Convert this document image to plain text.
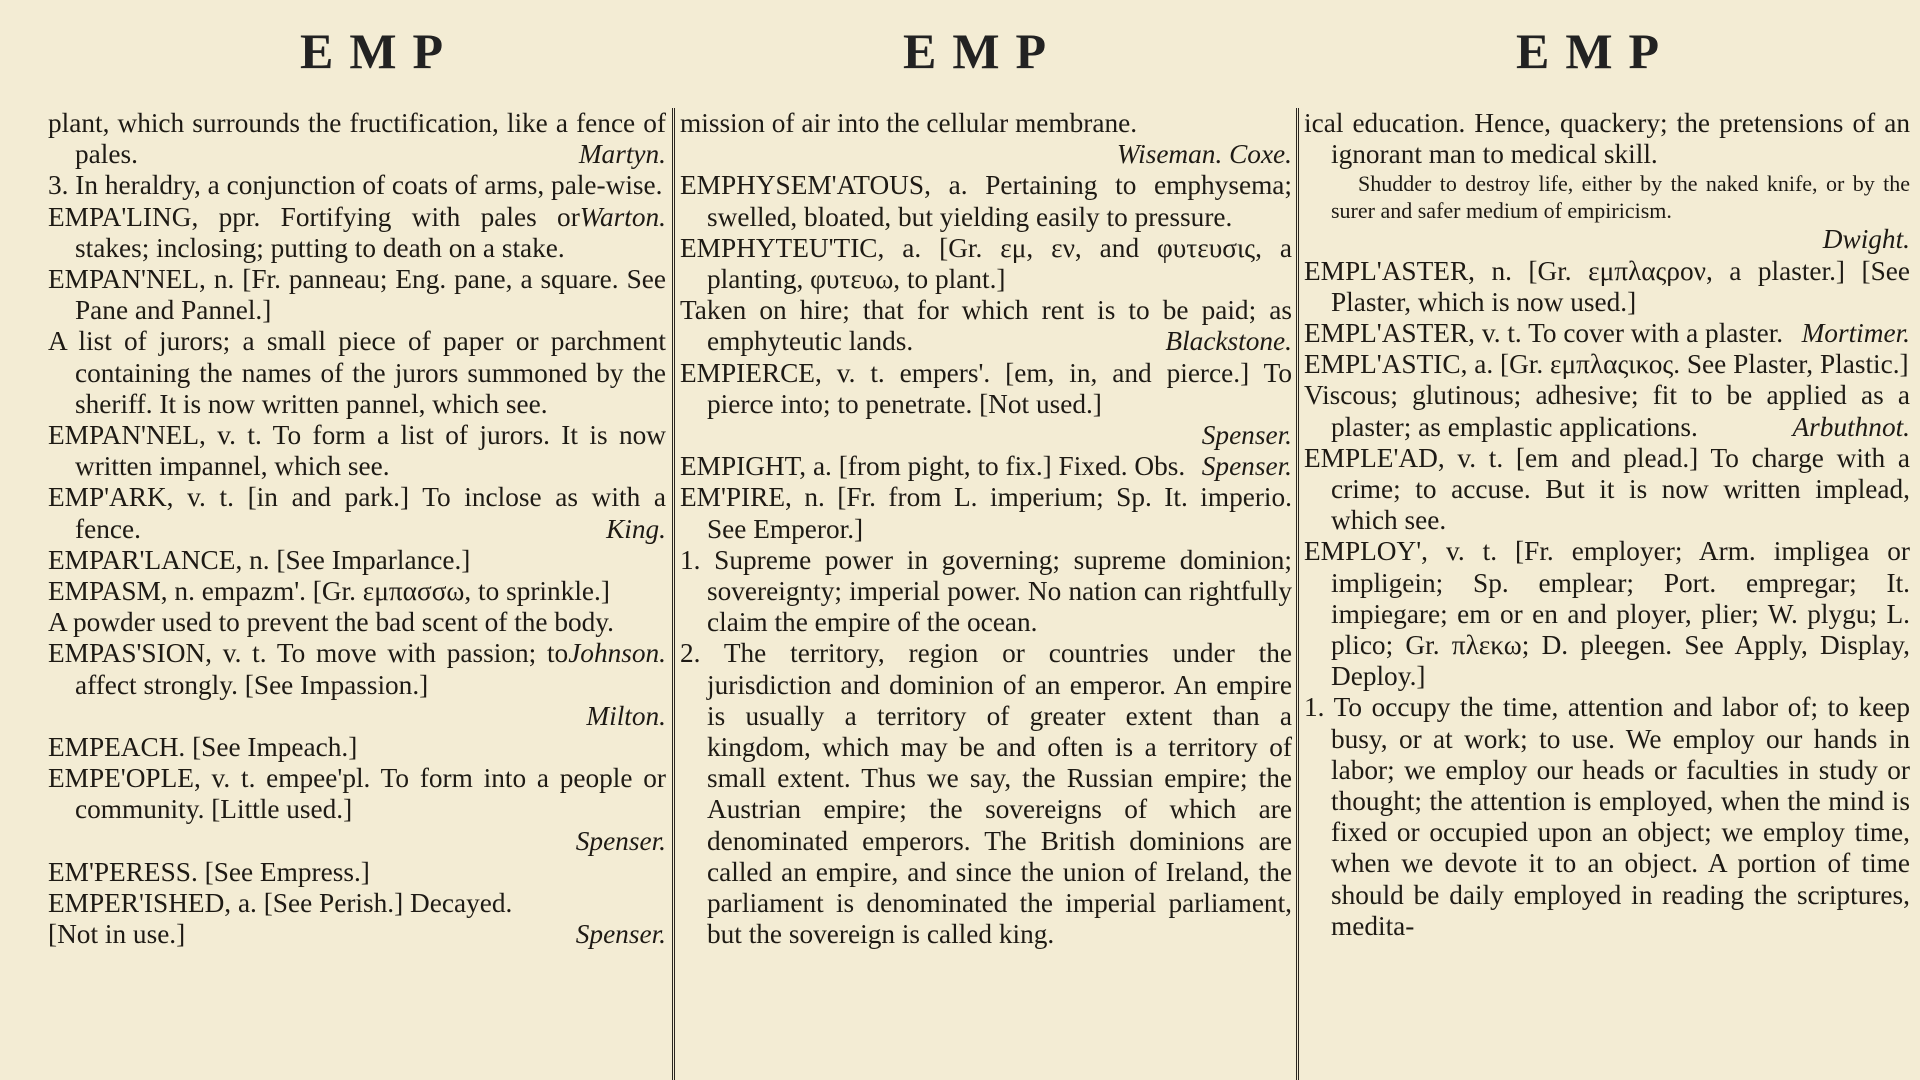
EMP	EMP	EMP

plant, which surrounds the fructification, like a fence of pales.	Martyn.

3. In heraldry, a conjunction of coats of arms, pale-wise.
Warton.

EMPA'LING, ppr. Fortifying with pales or stakes; inclosing; putting to death on a stake.

EMPAN'NEL, n. [Fr. panneau; Eng. pane, a square. See Pane and Pannel.]

A list of jurors; a small piece of paper or parchment containing the names of the jurors summoned by the sheriff. It is now written pannel, which see.

EMPAN'NEL, v. t. To form a list of jurors. It is now written impannel, which see.

EMP'ARK, v. t. [in and park.] To inclose as with a fence.	King.

EMPAR'LANCE, n. [See Imparlance.]

EMPASM, n. empazm'. [Gr. εμπασσω, to sprinkle.]

A powder used to prevent the bad scent of the body.
Johnson.

EMPAS'SION, v. t. To move with passion; to affect strongly. [See Impassion.]

Milton.

EMPEACH. [See Impeach.]

EMPE'OPLE, v. t. empee'pl. To form into a people or community. [Little used.]

Spenser.

EM'PERESS. [See Empress.]

EMPER'ISHED, a. [See Perish.] Decayed.

[Not in use.]	Spenser.

mission of air into the cellular membrane.

Wiseman. Coxe.

EMPHYSEM'ATOUS, a. Pertaining to emphysema; swelled, bloated, but yielding easily to pressure.

EMPHYTEU'TIC, a. [Gr. εμ, εν, and φυτευσις, a planting, φυτευω, to plant.]

Taken on hire; that for which rent is to be paid; as emphyteutic lands.	Blackstone.

EMPIERCE, v. t. empers'. [em, in, and pierce.] To pierce into; to penetrate. [Not used.]

Spenser.

EMPIGHT, a. [from pight, to fix.] Fixed. Obs. Spenser.

EM'PIRE, n. [Fr. from L. imperium; Sp. It. imperio. See Emperor.]

1. Supreme power in governing; supreme dominion; sovereignty; imperial power. No nation can rightfully claim the empire of the ocean.

2. The territory, region or countries under the jurisdiction and dominion of an emperor. An empire is usually a territory of greater extent than a kingdom, which may be and often is a territory of small extent. Thus we say, the Russian empire; the Austrian empire; the sovereigns of which are denominated emperors. The British dominions are called an empire, and since the union of Ireland, the parliament is denominated the imperial parliament, but the sovereign is called king.

ical education. Hence, quackery; the pretensions of an ignorant man to medical skill.

Shudder to destroy life, either by the naked knife, or by the surer and safer medium of empiricism.

Dwight.

EMPL'ASTER, n. [Gr. εμπλαςρον, a plaster.] [See Plaster, which is now used.]

EMPL'ASTER, v. t. To cover with a plaster. Mortimer.

EMPL'ASTIC, a. [Gr. εμπλαςικος. See Plaster, Plastic.]

Viscous; glutinous; adhesive; fit to be applied as a plaster; as emplastic applications.	Arbuthnot.

EMPLE'AD, v. t. [em and plead.] To charge with a crime; to accuse. But it is now written implead, which see.

EMPLOY', v. t. [Fr. employer; Arm. impligea or impligein; Sp. emplear; Port. empregar; It. impiegare; em or en and ployer, plier; W. plygu; L. plico; Gr. πλεκω; D. pleegen. See Apply, Display, Deploy.]

1. To occupy the time, attention and labor of; to keep busy, or at work; to use. We employ our hands in labor; we employ our heads or faculties in study or thought; the attention is employed, when the mind is fixed or occupied upon an object; we employ time, when we devote it to an object. A portion of time should be daily employed in reading the scriptures, medita-
